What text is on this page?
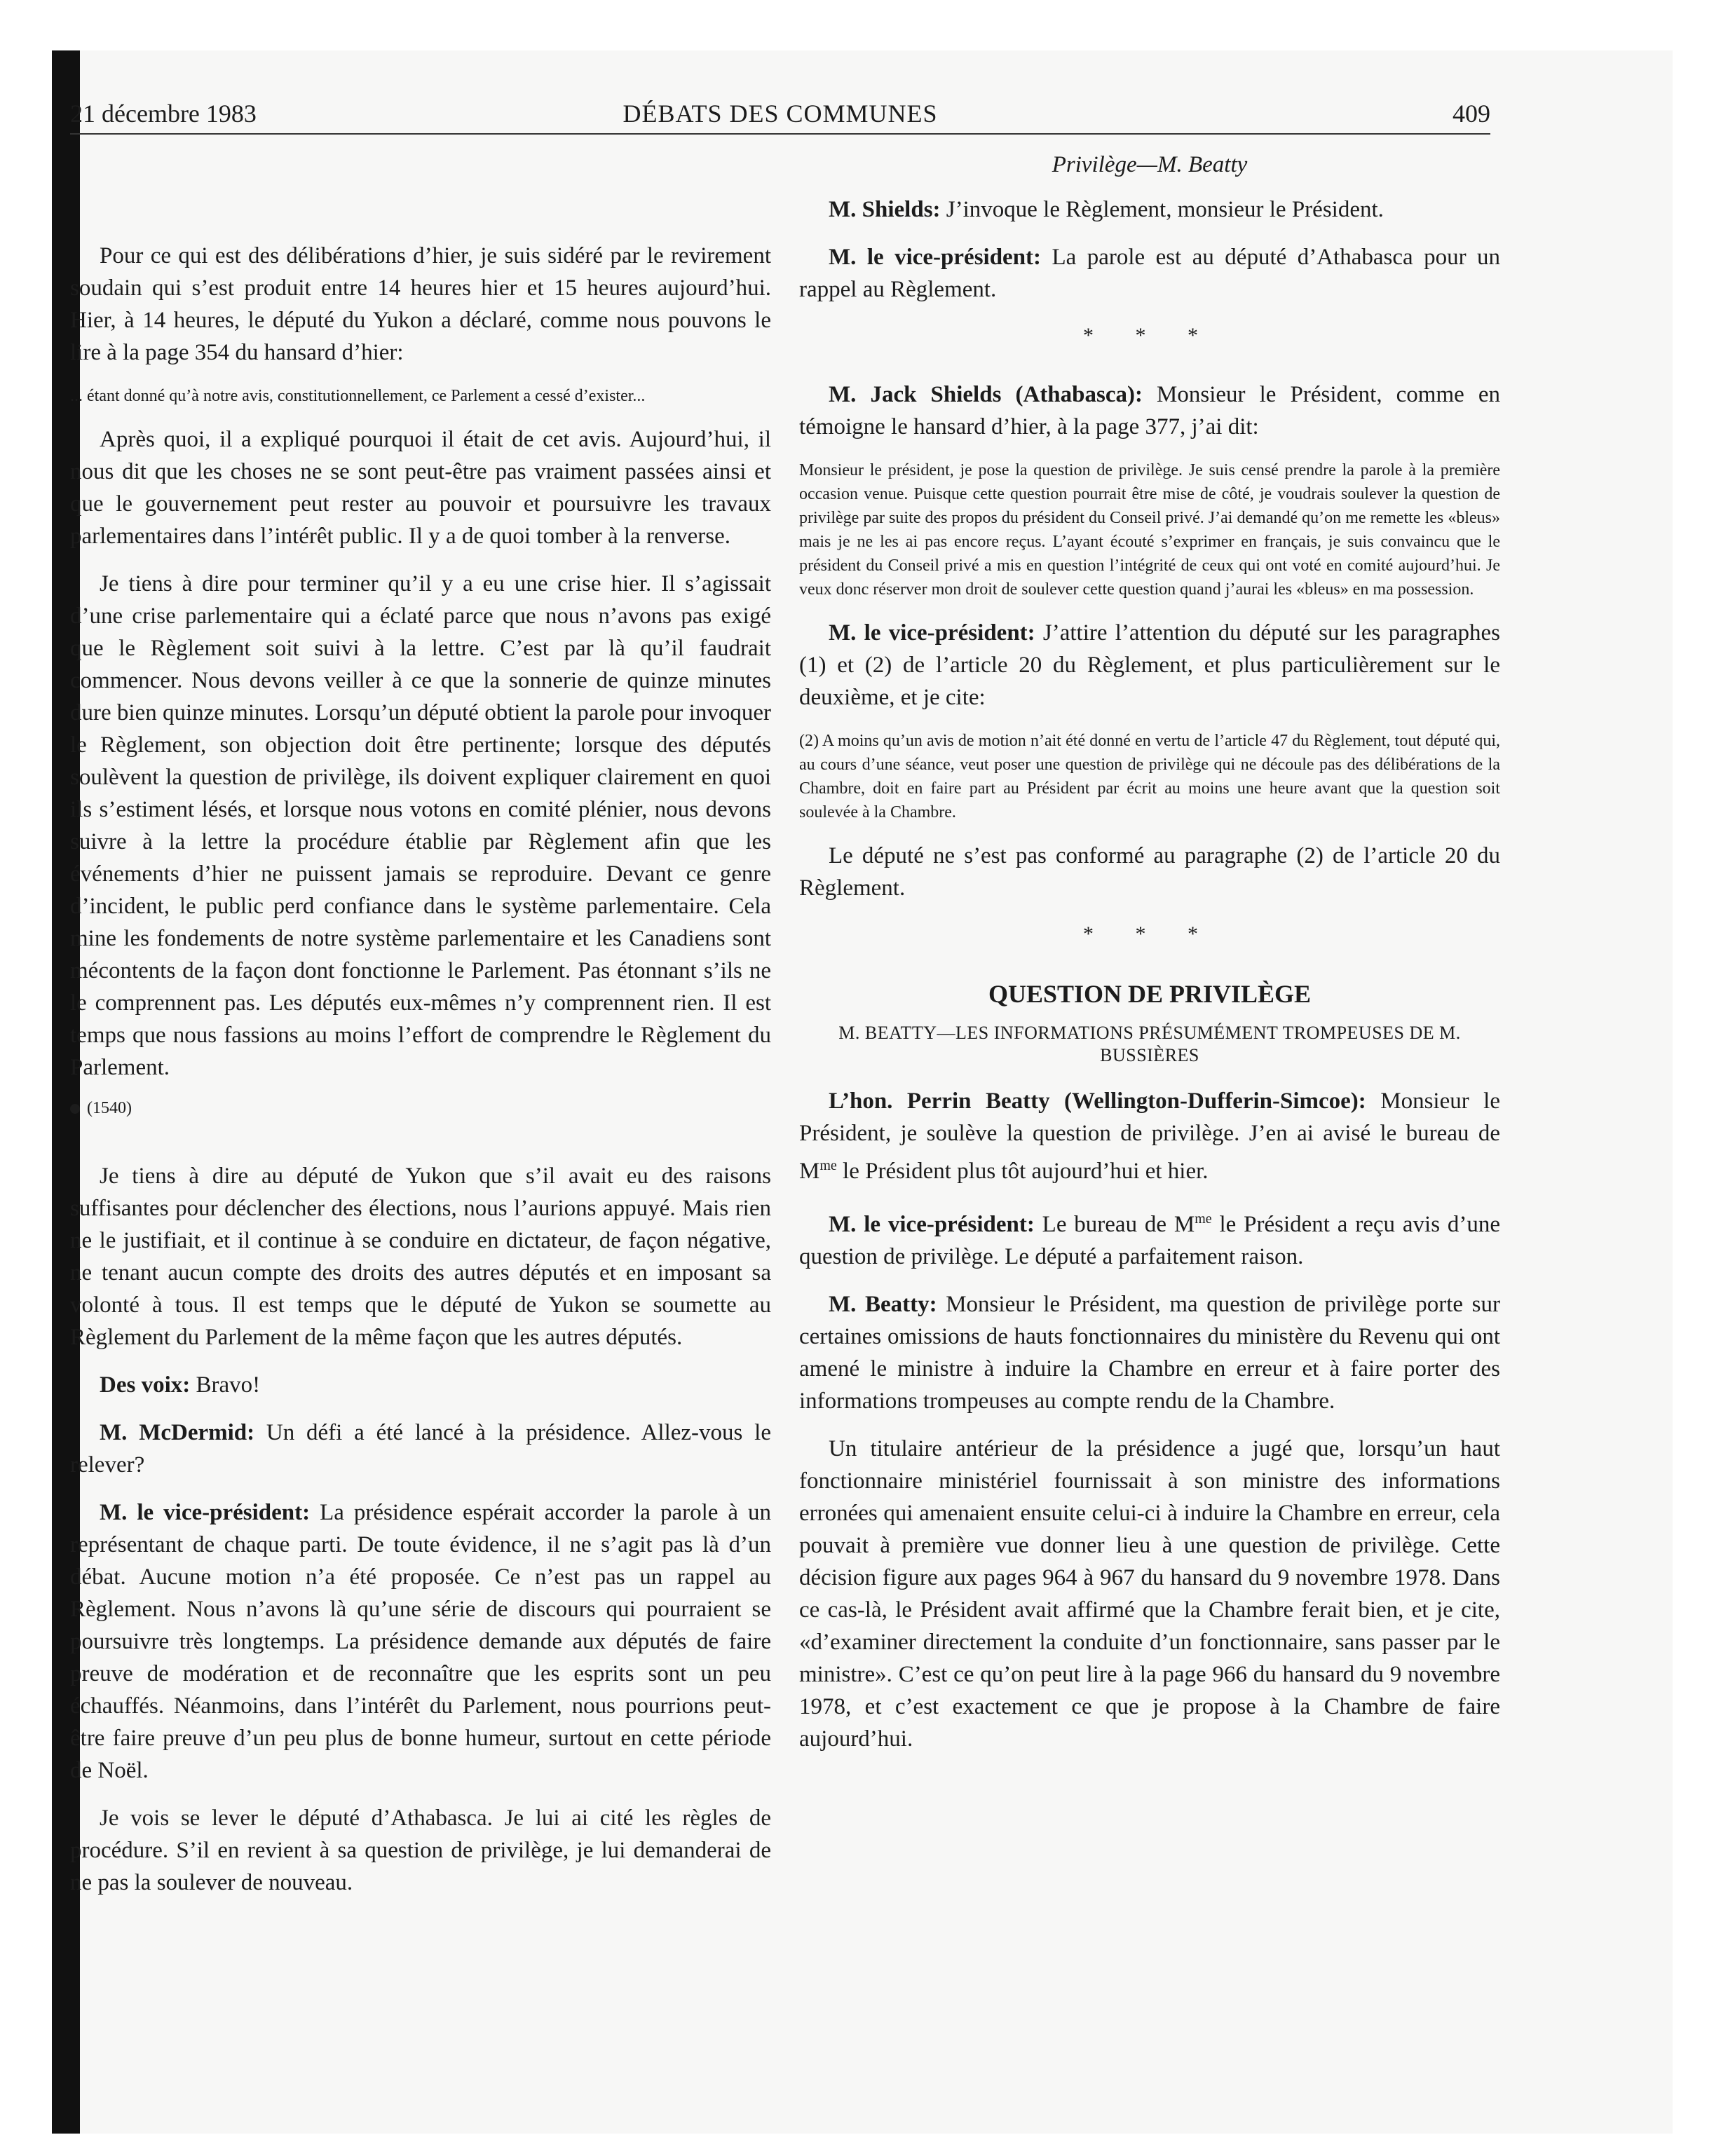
21 décembre 1983	DÉBATS DES COMMUNES	409

Pour ce qui est des délibérations d’hier, je suis sidéré par le revirement soudain qui s’est produit entre 14 heures hier et 15 heures aujourd’hui. Hier, à 14 heures, le député du Yukon a déclaré, comme nous pouvons le lire à la page 354 du hansard d’hier:

... étant donné qu’à notre avis, constitutionnellement, ce Parlement a cessé d’exister...

Après quoi, il a expliqué pourquoi il était de cet avis. Aujourd’hui, il nous dit que les choses ne se sont peut-être pas vraiment passées ainsi et que le gouvernement peut rester au pouvoir et poursuivre les travaux parlementaires dans l’intérêt public. Il y a de quoi tomber à la renverse.

Je tiens à dire pour terminer qu’il y a eu une crise hier. Il s’agissait d’une crise parlementaire qui a éclaté parce que nous n’avons pas exigé que le Règlement soit suivi à la lettre. C’est par là qu’il faudrait commencer. Nous devons veiller à ce que la sonnerie de quinze minutes dure bien quinze minutes. Lorsqu’un député obtient la parole pour invoquer le Règlement, son objection doit être pertinente; lorsque des députés soulèvent la question de privilège, ils doivent expliquer clairement en quoi ils s’estiment lésés, et lorsque nous votons en comité plénier, nous devons suivre à la lettre la procédure établie par Règlement afin que les événements d’hier ne puissent jamais se reproduire. Devant ce genre d’incident, le public perd confiance dans le système parlementaire. Cela mine les fondements de notre système parlementaire et les Canadiens sont mécontents de la façon dont fonctionne le Parlement. Pas étonnant s’ils ne le comprennent pas. Les députés eux-mêmes n’y comprennent rien. Il est temps que nous fassions au moins l’effort de comprendre le Règlement du Parlement.

(1540)

Je tiens à dire au député de Yukon que s’il avait eu des raisons suffisantes pour déclencher des élections, nous l’aurions appuyé. Mais rien ne le justifiait, et il continue à se conduire en dictateur, de façon négative, ne tenant aucun compte des droits des autres députés et en imposant sa volonté à tous. Il est temps que le député de Yukon se soumette au Règlement du Parlement de la même façon que les autres députés.

Des voix: Bravo!

M. McDermid: Un défi a été lancé à la présidence. Allez-vous le relever?

M. le vice-président: La présidence espérait accorder la parole à un représentant de chaque parti. De toute évidence, il ne s’agit pas là d’un débat. Aucune motion n’a été proposée. Ce n’est pas un rappel au Règlement. Nous n’avons là qu’une série de discours qui pourraient se poursuivre très longtemps. La présidence demande aux députés de faire preuve de modération et de reconnaître que les esprits sont un peu échauffés. Néanmoins, dans l’intérêt du Parlement, nous pourrions peut-être faire preuve d’un peu plus de bonne humeur, surtout en cette période de Noël.

Je vois se lever le député d’Athabasca. Je lui ai cité les règles de procédure. S’il en revient à sa question de privilège, je lui demanderai de ne pas la soulever de nouveau.

Privilège—M. Beatty

M. Shields: J’invoque le Règlement, monsieur le Président.

M. le vice-président: La parole est au député d’Athabasca pour un rappel au Règlement.

* * *

M. Jack Shields (Athabasca): Monsieur le Président, comme en témoigne le hansard d’hier, à la page 377, j’ai dit:

Monsieur le président, je pose la question de privilège. Je suis censé prendre la parole à la première occasion venue. Puisque cette question pourrait être mise de côté, je voudrais soulever la question de privilège par suite des propos du président du Conseil privé. J’ai demandé qu’on me remette les «bleus» mais je ne les ai pas encore reçus. L’ayant écouté s’exprimer en français, je suis convaincu que le président du Conseil privé a mis en question l’intégrité de ceux qui ont voté en comité aujourd’hui. Je veux donc réserver mon droit de soulever cette question quand j’aurai les «bleus» en ma possession.

M. le vice-président: J’attire l’attention du député sur les paragraphes (1) et (2) de l’article 20 du Règlement, et plus particulièrement sur le deuxième, et je cite:

(2) A moins qu’un avis de motion n’ait été donné en vertu de l’article 47 du Règlement, tout député qui, au cours d’une séance, veut poser une question de privilège qui ne découle pas des délibérations de la Chambre, doit en faire part au Président par écrit au moins une heure avant que la question soit soulevée à la Chambre.

Le député ne s’est pas conformé au paragraphe (2) de l’article 20 du Règlement.

* * *
QUESTION DE PRIVILÈGE
M. BEATTY—LES INFORMATIONS PRÉSUMÉMENT TROMPEUSES DE M. BUSSIÈRES

L’hon. Perrin Beatty (Wellington-Dufferin-Simcoe): Monsieur le Président, je soulève la question de privilège. J’en ai avisé le bureau de $M^{me}$ le Président plus tôt aujourd’hui et hier.

M. le vice-président: Le bureau de $M^{me}$ le Président a reçu avis d’une question de privilège. Le député a parfaitement raison.

M. Beatty: Monsieur le Président, ma question de privilège porte sur certaines omissions de hauts fonctionnaires du ministère du Revenu qui ont amené le ministre à induire la Chambre en erreur et à faire porter des informations trompeuses au compte rendu de la Chambre.

Un titulaire antérieur de la présidence a jugé que, lorsqu’un haut fonctionnaire ministériel fournissait à son ministre des informations erronées qui amenaient ensuite celui-ci à induire la Chambre en erreur, cela pouvait à première vue donner lieu à une question de privilège. Cette décision figure aux pages 964 à 967 du hansard du 9 novembre 1978. Dans ce cas-là, le Président avait affirmé que la Chambre ferait bien, et je cite, «d’examiner directement la conduite d’un fonctionnaire, sans passer par le ministre». C’est ce qu’on peut lire à la page 966 du hansard du 9 novembre 1978, et c’est exactement ce que je propose à la Chambre de faire aujourd’hui.
